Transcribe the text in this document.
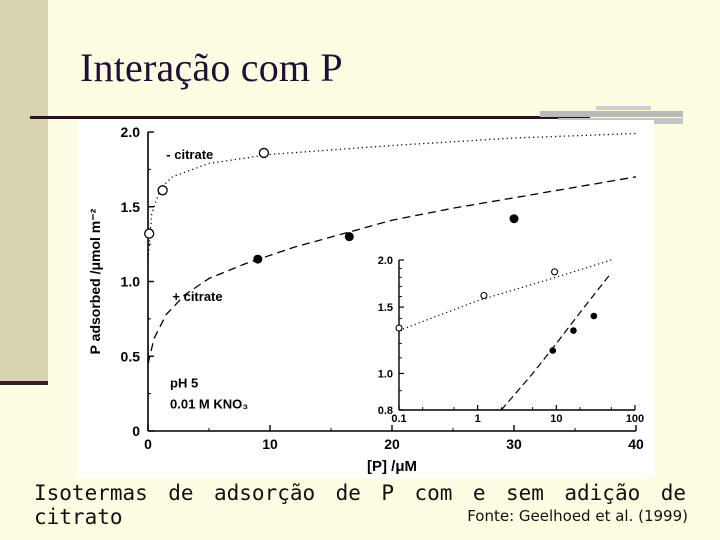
Interação com P
0
0.5
1.0
1.5
2.0
0	10	20	30	40
[P] /μM
P adsorbed /μmol m⁻²
- citrate
+ citrate
pH 5
0.01 M KNO₃	0.8
1.0
1.5
2.0
0.1	1	10	100

Isotermas de adsorção de P com e sem adição de

citrato	Fonte: Geelhoed et al. (1999)
